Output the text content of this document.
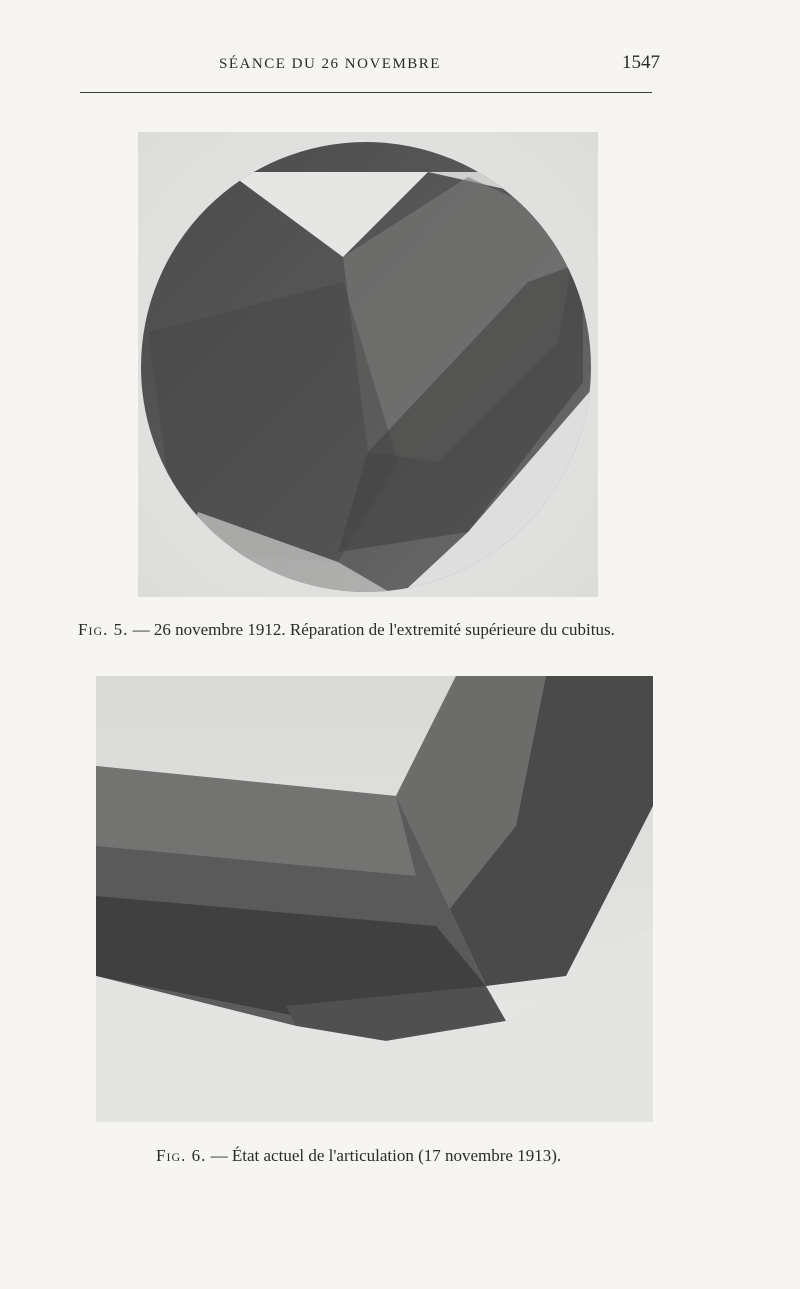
SÉANCE DU 26 NOVEMBRE	1547
Fig. 5. — 26 novembre 1912. Réparation de l'extremité supérieure du cubitus.
Fig. 6. — État actuel de l'articulation (17 novembre 1913).
